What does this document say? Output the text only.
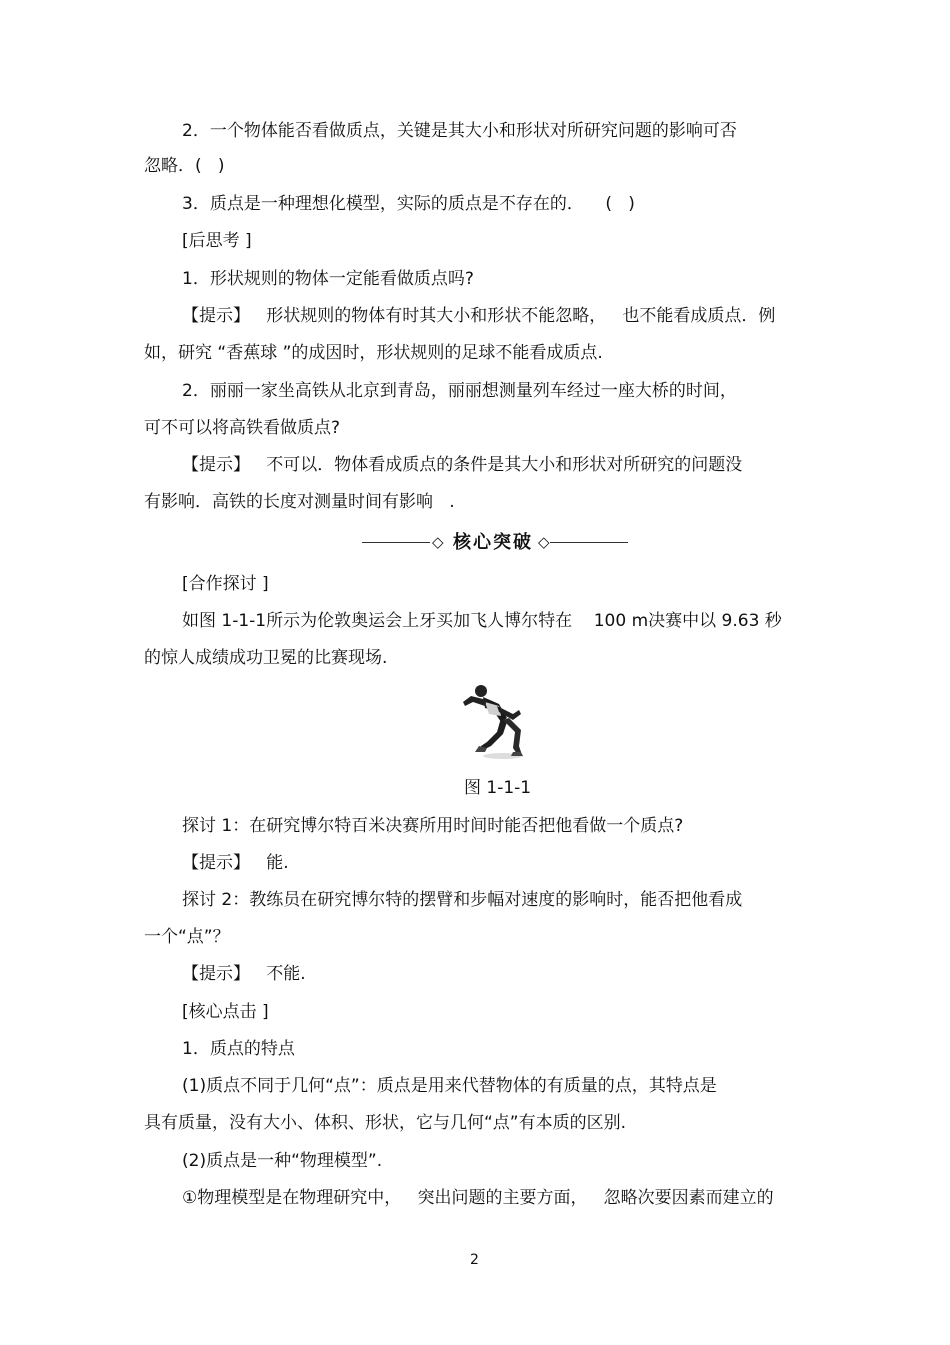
2．一个物体能否看做质点，关键是其大小和形状对所研究问题的影响可否
忽略．(   )
3．质点是一种理想化模型，实际的质点是不存在的．    (   )
[后思考 ]
1．形状规则的物体一定能看做质点吗?
【提示】   形状规则的物体有时其大小和形状不能忽略，   也不能看成质点．例
如，研究 “香蕉球 ”的成因时，形状规则的足球不能看成质点.
2．丽丽一家坐高铁从北京到青岛，丽丽想测量列车经过一座大桥的时间，
可不可以将高铁看做质点?
【提示】   不可以．物体看成质点的条件是其大小和形状对所研究的问题没
有影响．高铁的长度对测量时间有影响   .
◇ 核心突破 ◇
[合作探讨 ]
如图 1-1-1所示为伦敦奥运会上牙买加飞人博尔特在    100 m决赛中以 9.63 秒
的惊人成绩成功卫冕的比赛现场.
图 1-1-1
探讨 1：在研究博尔特百米决赛所用时间时能否把他看做一个质点?
【提示】   能.
探讨 2：教练员在研究博尔特的摆臂和步幅对速度的影响时，能否把他看成
一个“点”？
【提示】   不能.
[核心点击 ]
1．质点的特点
(1)质点不同于几何“点”：质点是用来代替物体的有质量的点，其特点是
具有质量，没有大小、体积、形状，它与几何“点”有本质的区别.
(2)质点是一种“物理模型”.
①物理模型是在物理研究中，   突出问题的主要方面，   忽略次要因素而建立的
2
